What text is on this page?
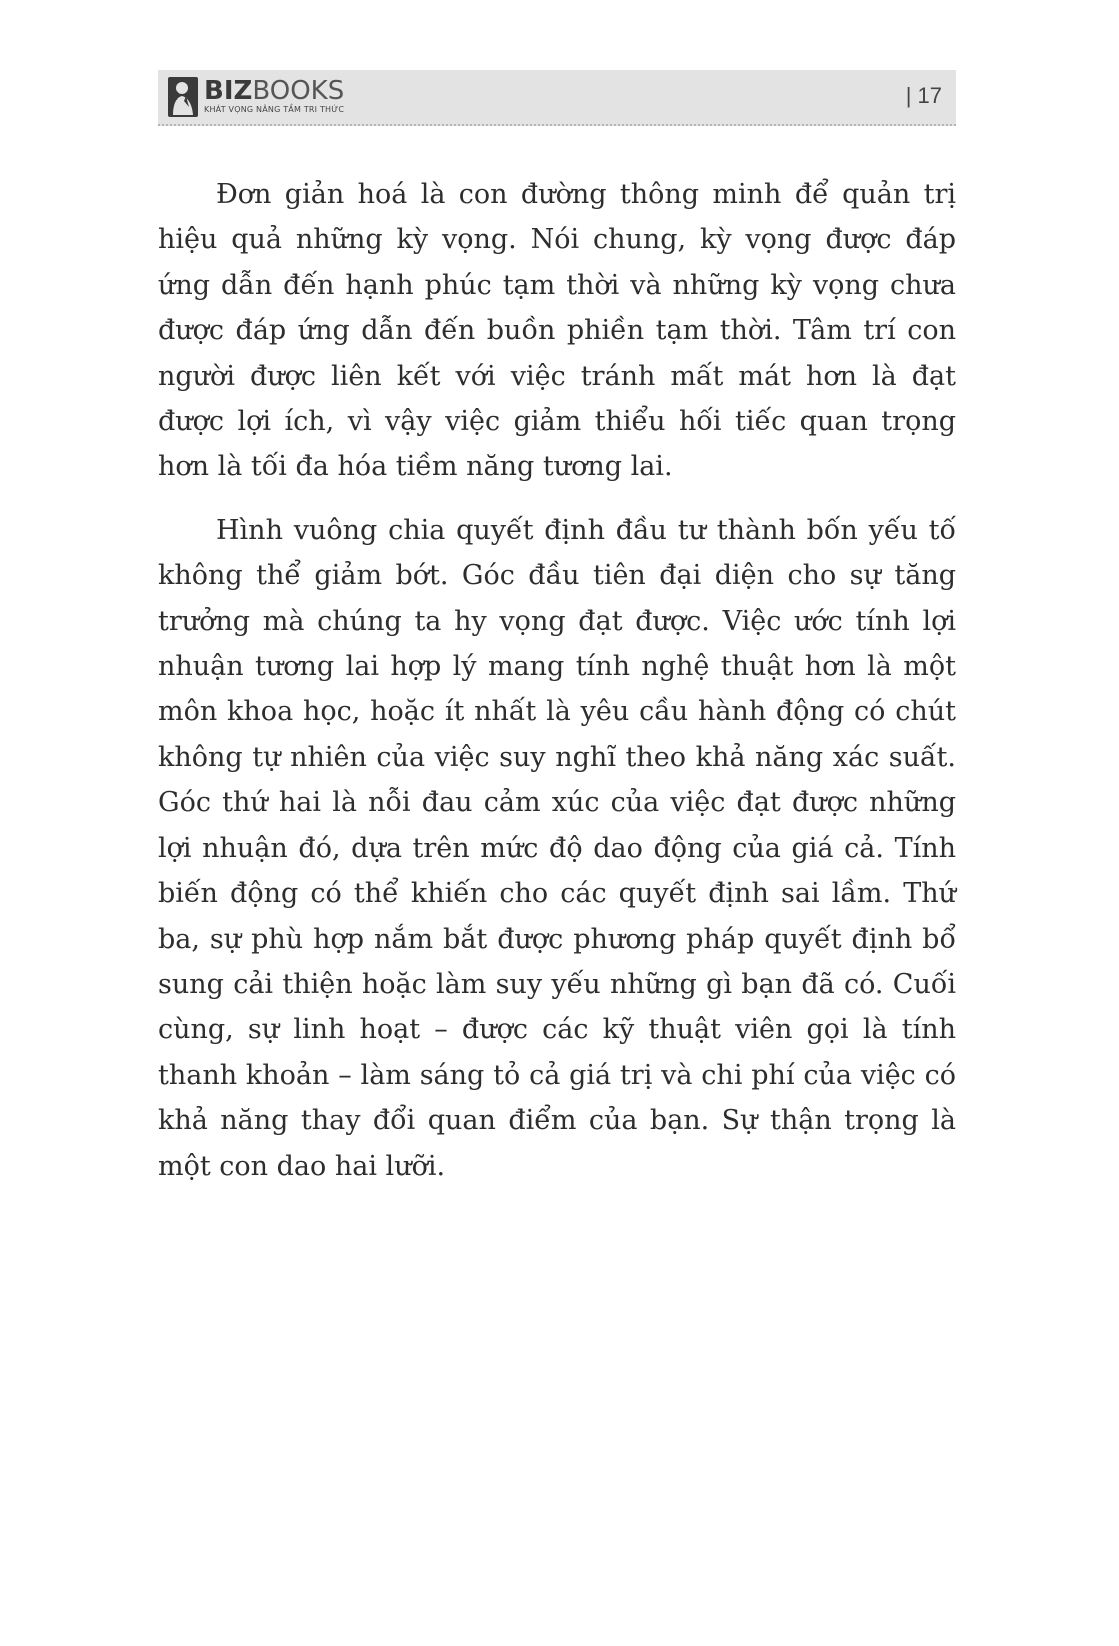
BIZBOOKS
KHÁT VỌNG NÂNG TẦM TRI THỨC
| 17

Đơn giản hoá là con đường thông minh để quản trị hiệu quả những kỳ vọng. Nói chung, kỳ vọng được đáp ứng dẫn đến hạnh phúc tạm thời và những kỳ vọng chưa được đáp ứng dẫn đến buồn phiền tạm thời. Tâm trí con người được liên kết với việc tránh mất mát hơn là đạt được lợi ích, vì vậy việc giảm thiểu hối tiếc quan trọng hơn là tối đa hóa tiềm năng tương lai.

Hình vuông chia quyết định đầu tư thành bốn yếu tố không thể giảm bớt. Góc đầu tiên đại diện cho sự tăng trưởng mà chúng ta hy vọng đạt được. Việc ước tính lợi nhuận tương lai hợp lý mang tính nghệ thuật hơn là một môn khoa học, hoặc ít nhất là yêu cầu hành động có chút không tự nhiên của việc suy nghĩ theo khả năng xác suất. Góc thứ hai là nỗi đau cảm xúc của việc đạt được những lợi nhuận đó, dựa trên mức độ dao động của giá cả. Tính biến động có thể khiến cho các quyết định sai lầm. Thứ ba, sự phù hợp nắm bắt được phương pháp quyết định bổ sung cải thiện hoặc làm suy yếu những gì bạn đã có. Cuối cùng, sự linh hoạt – được các kỹ thuật viên gọi là tính thanh khoản – làm sáng tỏ cả giá trị và chi phí của việc có khả năng thay đổi quan điểm của bạn. Sự thận trọng là một con dao hai lưỡi.
